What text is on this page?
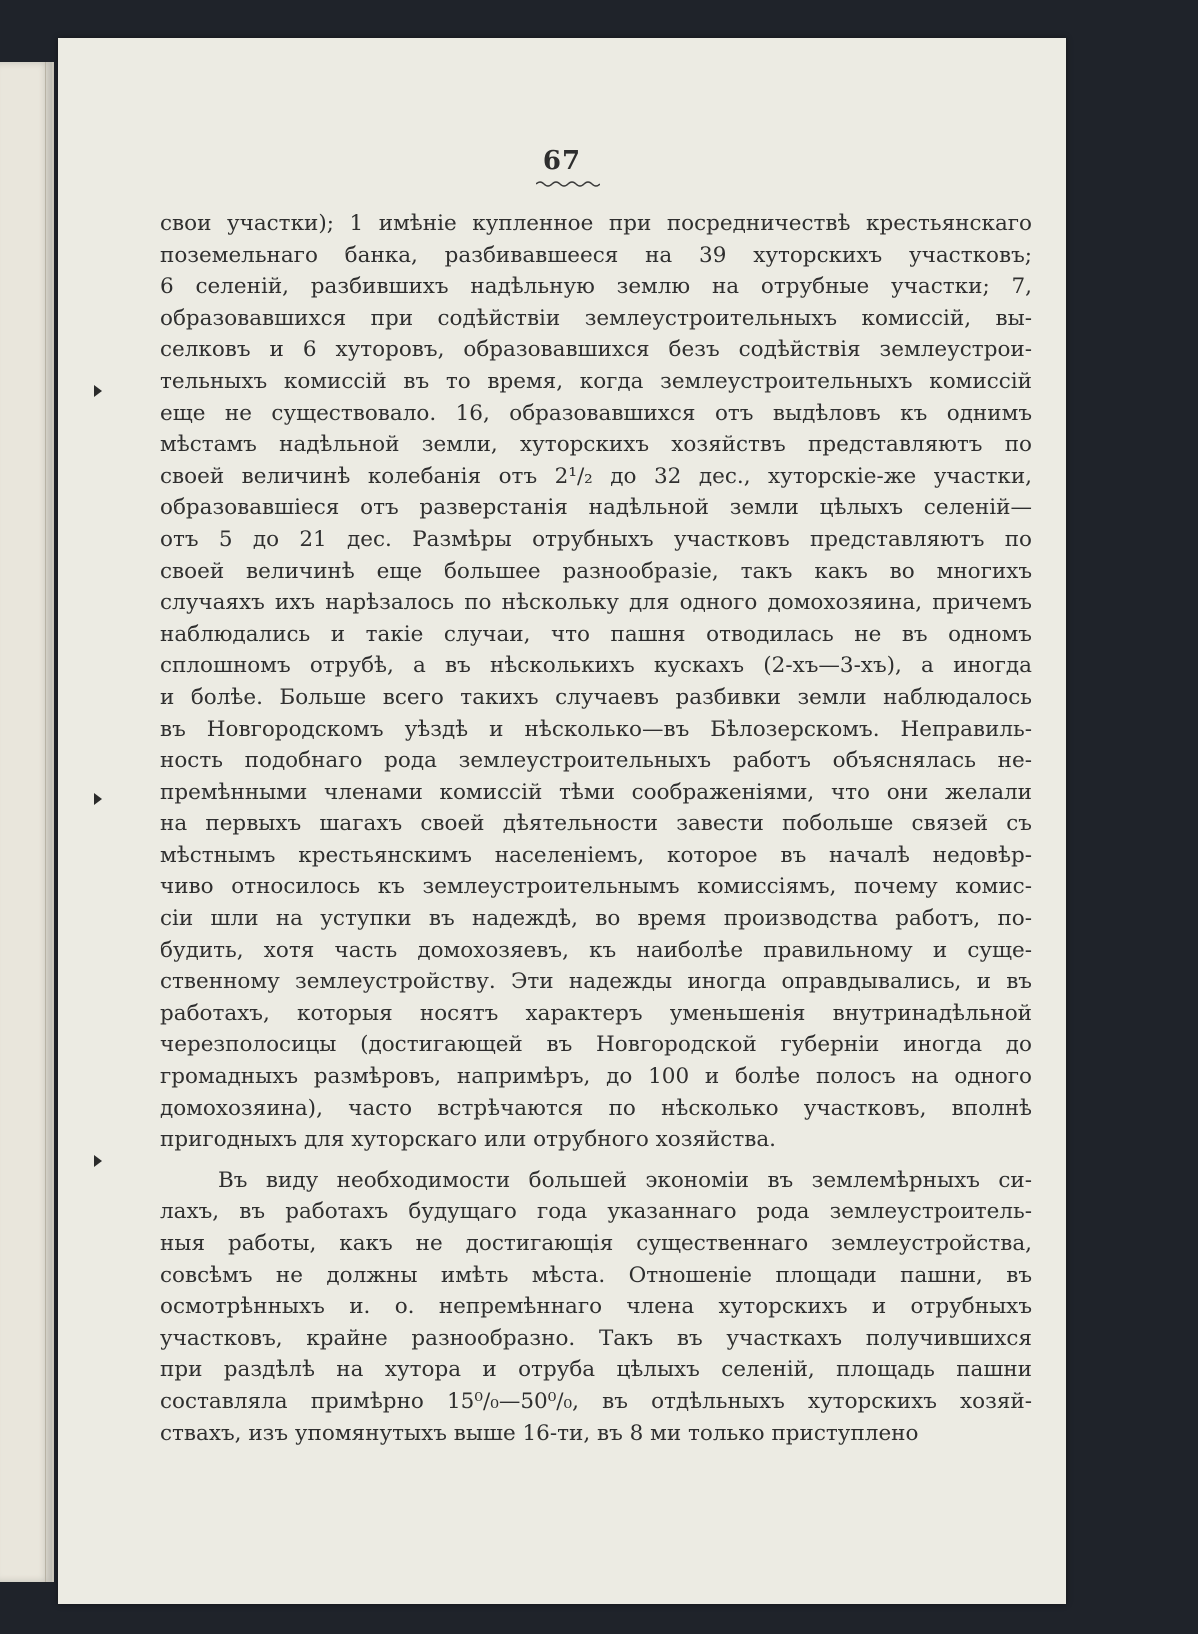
67
свои участки); 1 имѣніе купленное при посредничествѣ крестьянскаго
поземельнаго банка, разбивавшееся на 39 хуторскихъ участковъ;
6 селеній, разбившихъ надѣльную землю на отрубные участки; 7,
образовавшихся при содѣйствіи землеустроительныхъ комиссій, вы-
селковъ и 6 хуторовъ, образовавшихся безъ содѣйствія землеустрои-
тельныхъ комиссій въ то время, когда землеустроительныхъ комиссій
еще не существовало. 16, образовавшихся отъ выдѣловъ къ однимъ
мѣстамъ надѣльной земли, хуторскихъ хозяйствъ представляютъ по
своей величинѣ колебанія отъ 2¹/₂ до 32 дес., хуторскіе-же участки,
образовавшіеся отъ разверстанія надѣльной земли цѣлыхъ селеній—
отъ 5 до 21 дес. Размѣры отрубныхъ участковъ представляютъ по
своей величинѣ еще большее разнообразіе, такъ какъ во многихъ
случаяхъ ихъ нарѣзалось по нѣскольку для одного домохозяина, причемъ
наблюдались и такіе случаи, что пашня отводилась не въ одномъ
сплошномъ отрубѣ, а въ нѣсколькихъ кускахъ (2-хъ—3-хъ), а иногда
и болѣе. Больше всего такихъ случаевъ разбивки земли наблюдалось
въ Новгородскомъ уѣздѣ и нѣсколько—въ Бѣлозерскомъ. Неправиль-
ность подобнаго рода землеустроительныхъ работъ объяснялась не-
премѣнными членами комиссій тѣми соображеніями, что они желали
на первыхъ шагахъ своей дѣятельности завести побольше связей съ
мѣстнымъ крестьянскимъ населеніемъ, которое въ началѣ недовѣр-
чиво относилось къ землеустроительнымъ комиссіямъ, почему комис-
сіи шли на уступки въ надеждѣ, во время производства работъ, по-
будить, хотя часть домохозяевъ, къ наиболѣе правильному и суще-
ственному землеустройству. Эти надежды иногда оправдывались, и въ
работахъ, которыя носятъ характеръ уменьшенія внутринадѣльной
черезполосицы (достигающей въ Новгородской губерніи иногда до
громадныхъ размѣровъ, напримѣръ, до 100 и болѣе полосъ на одного
домохозяина), часто встрѣчаются по нѣсколько участковъ, вполнѣ
пригодныхъ для хуторскаго или отрубного хозяйства.
Въ виду необходимости большей экономіи въ землемѣрныхъ си-
лахъ, въ работахъ будущаго года указаннаго рода землеустроитель-
ныя работы, какъ не достигающія существеннаго землеустройства,
совсѣмъ не должны имѣть мѣста. Отношеніе площади пашни, въ
осмотрѣнныхъ и. о. непремѣннаго члена хуторскихъ и отрубныхъ
участковъ, крайне разнообразно. Такъ въ участкахъ получившихся
при раздѣлѣ на хутора и отруба цѣлыхъ селеній, площадь пашни
составляла примѣрно 15⁰/₀—50⁰/₀, въ отдѣльныхъ хуторскихъ хозяй-
ствахъ, изъ упомянутыхъ выше 16-ти, въ 8 ми только приступлено
